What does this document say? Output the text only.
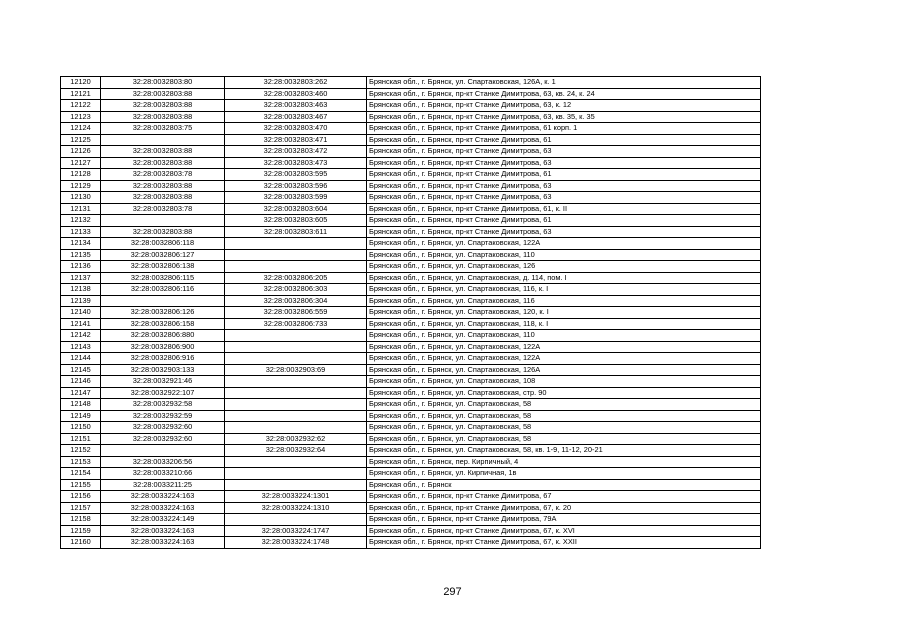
12120	32:28:0032803:80	32:28:0032803:262	Брянская обл., г. Брянск, ул. Спартаковская, 126А, к. 1
12121	32:28:0032803:88	32:28:0032803:460	Брянская обл., г. Брянск, пр-кт Станке Димитрова, 63, кв. 24, к. 24
12122	32:28:0032803:88	32:28:0032803:463	Брянская обл., г. Брянск, пр-кт Станке Димитрова, 63, к. 12
12123	32:28:0032803:88	32:28:0032803:467	Брянская обл., г. Брянск, пр-кт Станке Димитрова, 63, кв. 35, к. 35
12124	32:28:0032803:75	32:28:0032803:470	Брянская обл., г. Брянск, пр-кт Станке Димитрова, 61 корп. 1
12125		32:28:0032803:471	Брянская обл., г. Брянск, пр-кт Станке Димитрова, 61
12126	32:28:0032803:88	32:28:0032803:472	Брянская обл., г. Брянск, пр-кт Станке Димитрова, 63
12127	32:28:0032803:88	32:28:0032803:473	Брянская обл., г. Брянск, пр-кт Станке Димитрова, 63
12128	32:28:0032803:78	32:28:0032803:595	Брянская обл., г. Брянск, пр-кт Станке Димитрова, 61
12129	32:28:0032803:88	32:28:0032803:596	Брянская обл., г. Брянск, пр-кт Станке Димитрова, 63
12130	32:28:0032803:88	32:28:0032803:599	Брянская обл., г. Брянск, пр-кт Станке Димитрова, 63
12131	32:28:0032803:78	32:28:0032803:604	Брянская обл., г. Брянск, пр-кт Станке Димитрова, 61, к. II
12132		32:28:0032803:605	Брянская обл., г. Брянск, пр-кт Станке Димитрова, 61
12133	32:28:0032803:88	32:28:0032803:611	Брянская обл., г. Брянск, пр-кт Станке Димитрова, 63
12134	32:28:0032806:118		Брянская обл., г. Брянск, ул. Спартаковская, 122А
12135	32:28:0032806:127		Брянская обл., г. Брянск, ул. Спартаковская, 110
12136	32:28:0032806:138		Брянская обл., г. Брянск, ул. Спартаковская, 126
12137	32:28:0032806:115	32:28:0032806:205	Брянская обл., г. Брянск, ул. Спартаковская, д. 114, пом. I
12138	32:28:0032806:116	32:28:0032806:303	Брянская обл., г. Брянск, ул. Спартаковская, 116, к. I
12139		32:28:0032806:304	Брянская обл., г. Брянск, ул. Спартаковская, 116
12140	32:28:0032806:126	32:28:0032806:559	Брянская обл., г. Брянск, ул. Спартаковская, 120, к. I
12141	32:28:0032806:158	32:28:0032806:733	Брянская обл., г. Брянск, ул. Спартаковская, 118, к. I
12142	32:28:0032806:880		Брянская обл., г. Брянск, ул. Спартаковская, 110
12143	32:28:0032806:900		Брянская обл., г. Брянск, ул. Спартаковская, 122А
12144	32:28:0032806:916		Брянская обл., г. Брянск, ул. Спартаковская, 122А
12145	32:28:0032903:133	32:28:0032903:69	Брянская обл., г. Брянск, ул. Спартаковская, 126А
12146	32:28:0032921:46		Брянская обл., г. Брянск, ул. Спартаковская, 108
12147	32:28:0032922:107		Брянская обл., г. Брянск, ул. Спартаковская, стр. 90
12148	32:28:0032932:58		Брянская обл., г. Брянск, ул. Спартаковская, 58
12149	32:28:0032932:59		Брянская обл., г. Брянск, ул. Спартаковская, 58
12150	32:28:0032932:60		Брянская обл., г. Брянск, ул. Спартаковская, 58
12151	32:28:0032932:60	32:28:0032932:62	Брянская обл., г. Брянск, ул. Спартаковская, 58
12152		32:28:0032932:64	Брянская обл., г. Брянск, ул. Спартаковская, 58, кв. 1-9, 11-12, 20-21
12153	32:28:0033206:56		Брянская обл., г. Брянск, пер. Кирпичный, 4
12154	32:28:0033210:66		Брянская обл., г. Брянск, ул. Кирпичная, 1в
12155	32:28:0033211:25		Брянская обл., г. Брянск
12156	32:28:0033224:163	32:28:0033224:1301	Брянская обл., г. Брянск, пр-кт Станке Димитрова, 67
12157	32:28:0033224:163	32:28:0033224:1310	Брянская обл., г. Брянск, пр-кт Станке Димитрова, 67, к. 20
12158	32:28:0033224:149		Брянская обл., г. Брянск, пр-кт Станке Димитрова, 79А
12159	32:28:0033224:163	32:28:0033224:1747	Брянская обл., г. Брянск, пр-кт Станке Димитрова, 67, к. XVI
12160	32:28:0033224:163	32:28:0033224:1748	Брянская обл., г. Брянск, пр-кт Станке Димитрова, 67, к. XXII
297
